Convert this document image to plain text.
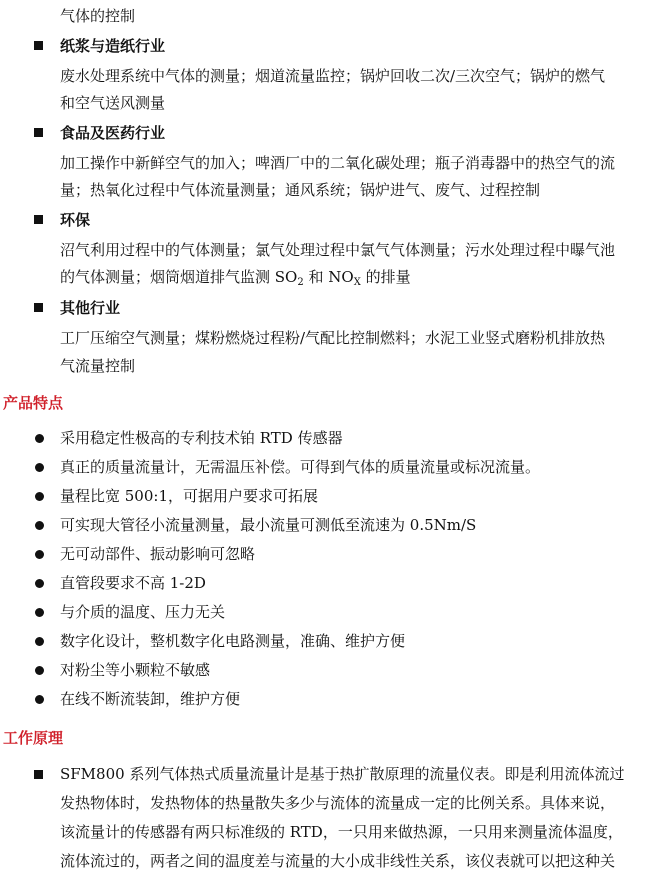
气体的控制
纸浆与造纸行业
废水处理系统中气体的测量；烟道流量监控；锅炉回收二次/三次空气；锅炉的燃气
和空气送风测量
食品及医药行业
加工操作中新鲜空气的加入；啤酒厂中的二氧化碳处理；瓶子消毒器中的热空气的流
量；热氧化过程中气体流量测量；通风系统；锅炉进气、废气、过程控制
环保
沼气利用过程中的气体测量；氯气处理过程中氯气气体测量；污水处理过程中曝气池
的气体测量；烟筒烟道排气监测 $SO_2$ 和 $NO_X$ 的排量
其他行业
工厂压缩空气测量；煤粉燃烧过程粉/气配比控制燃料；水泥工业竖式磨粉机排放热
气流量控制
产品特点
采用稳定性极高的专利技术铂 RTD 传感器
真正的质量流量计，无需温压补偿。可得到气体的质量流量或标况流量。
量程比宽 500:1，可据用户要求可拓展
可实现大管径小流量测量，最小流量可测低至流速为 0.5Nm/S
无可动部件、振动影响可忽略
直管段要求不高 1-2D
与介质的温度、压力无关
数字化设计，整机数字化电路测量，准确、维护方便
对粉尘等小颗粒不敏感
在线不断流装卸，维护方便
工作原理
SFM800 系列气体热式质量流量计是基于热扩散原理的流量仪表。即是利用流体流过
发热物体时，发热物体的热量散失多少与流体的流量成一定的比例关系。具体来说，
该流量计的传感器有两只标准级的 RTD，一只用来做热源，一只用来测量流体温度，
流体流过的，两者之间的温度差与流量的大小成非线性关系，该仪表就可以把这种关
